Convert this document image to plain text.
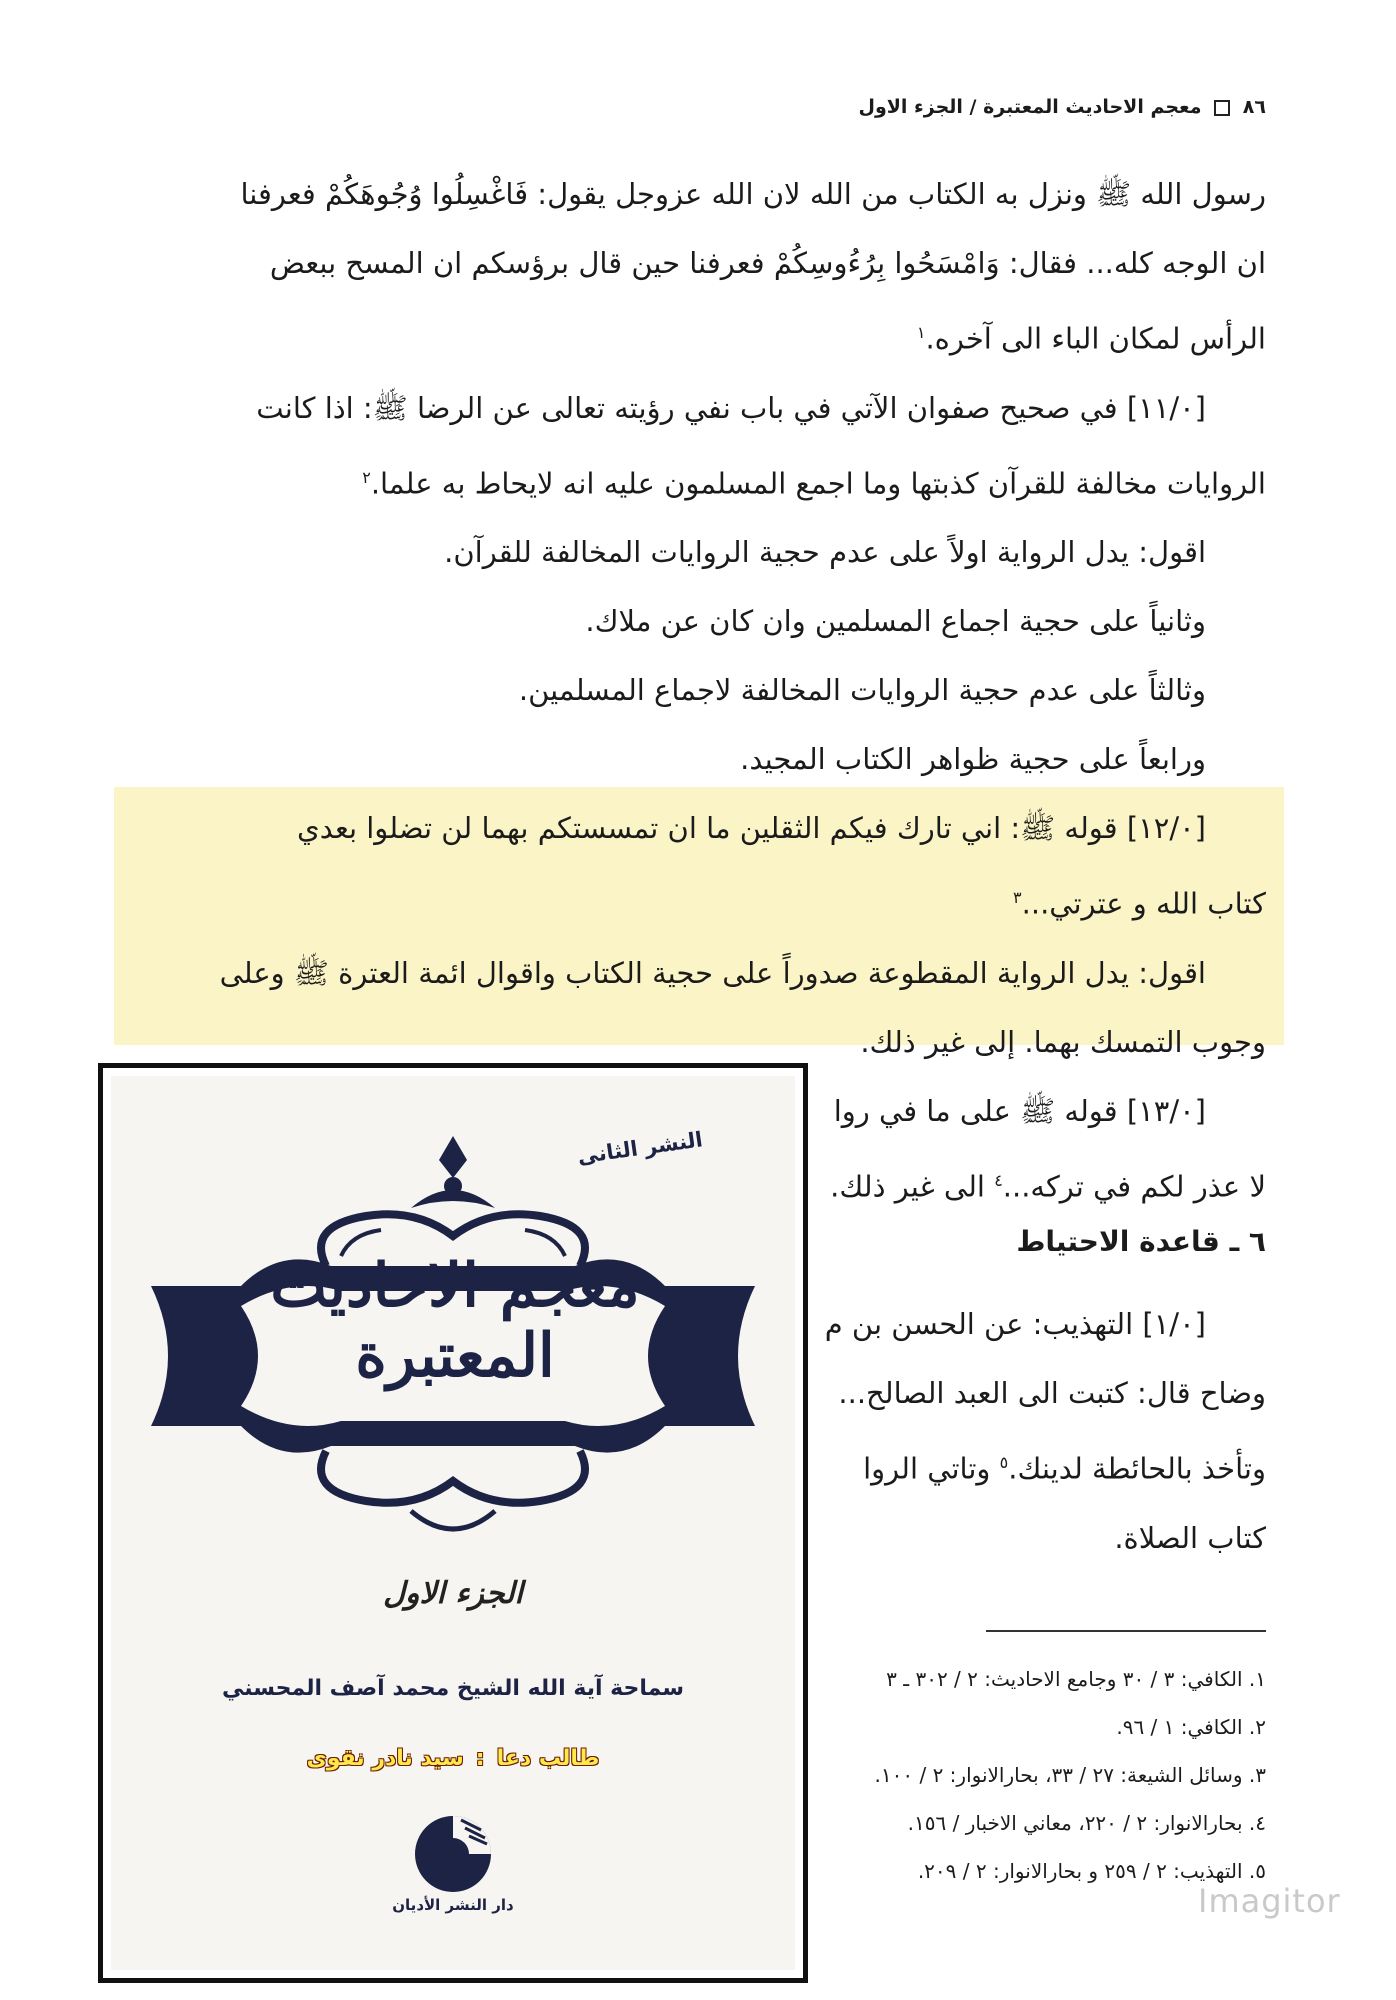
٨٦  معجم الاحاديث المعتبرة / الجزء الاول
رسول الله ﷺ ونزل به الكتاب من الله لان الله عزوجل يقول: فَاغْسِلُوا وُجُوهَكُمْ فعرفنا
ان الوجه كله... فقال: وَامْسَحُوا بِرُءُوسِكُمْ فعرفنا حين قال برؤسكم ان المسح ببعض
الرأس لمكان الباء الى آخره.$^١$
[١١/٠] في صحيح صفوان الآتي في باب نفي رؤيته تعالى عن الرضا ﷺ: اذا كانت
الروايات مخالفة للقرآن كذبتها وما اجمع المسلمون عليه انه لايحاط به علما.$^٢$
اقول: يدل الرواية اولاً على عدم حجية الروايات المخالفة للقرآن.
وثانياً على حجية اجماع المسلمين وان كان عن ملاك.
وثالثاً على عدم حجية الروايات المخالفة لاجماع المسلمين.
ورابعاً على حجية ظواهر الكتاب المجيد.
[١٢/٠] قوله ﷺ: اني تارك فيكم الثقلين ما ان تمسستكم بهما لن تضلوا بعدي
كتاب الله و عترتي...$^٣$
اقول: يدل الرواية المقطوعة صدوراً على حجية الكتاب واقوال ائمة العترة ﷺ وعلى
وجوب التمسك بهما. إلى غير ذلك.
[١٣/٠] قوله ﷺ على ما في روا
لا عذر لكم في تركه...$^٤$ الى غير ذلك.
٦ ـ قاعدة الاحتياط
[١/٠] التهذيب: عن الحسن بن م
وضاح قال: كتبت الى العبد الصالح...
وتأخذ بالحائطة لدينك.$^٥$ وتاتي الروا
كتاب الصلاة.
١. الكافي: ٣ / ٣٠ وجامع الاحاديث: ٢ / ٣٠٢ ـ ٣
٢. الكافي: ١ / ٩٦.
٣. وسائل الشيعة: ٢٧ / ٣٣، بحارالانوار: ٢ / ١٠٠.
٤. بحارالانوار: ٢ / ٢٢٠، معاني الاخبار / ١٥٦.
٥. التهذيب: ٢ / ٢٥٩ و بحارالانوار: ٢ / ٢٠٩.
Imagitor
النشر الثانی
معجم الاحاديث المعتبرة
الجزء الاول
سماحة آية الله الشيخ محمد آصف المحسني
طالب دعا:سيد نادر نقوى
دار النشر الأديان
